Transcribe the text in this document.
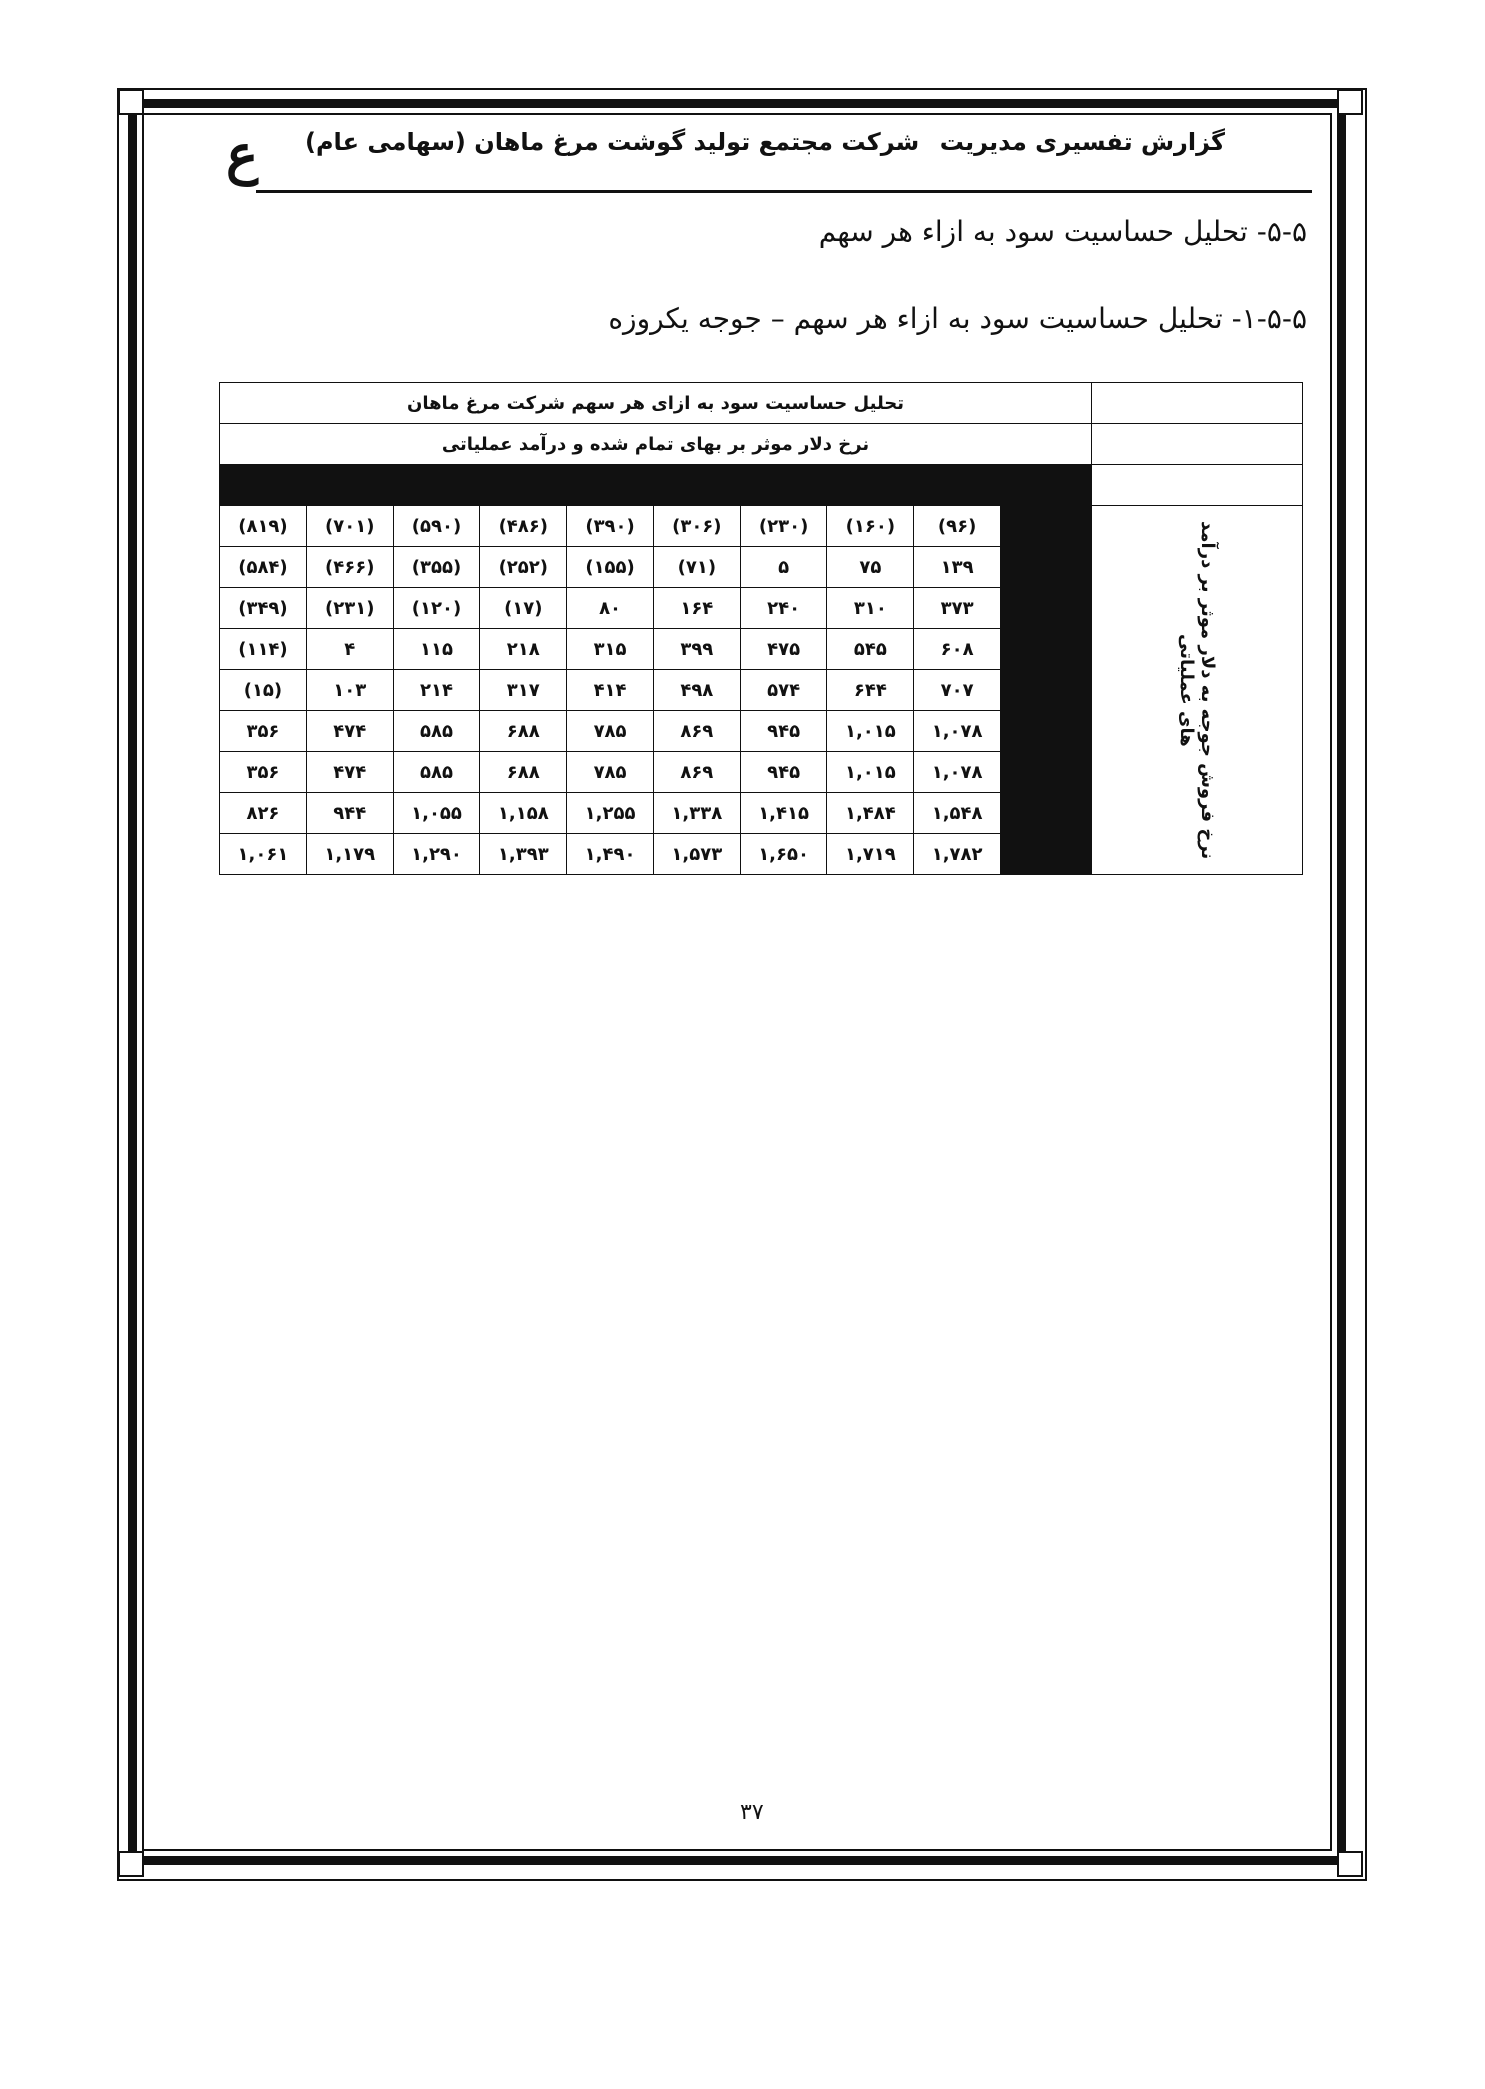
گزارش تفسیری مدیریت
شرکت مجتمع تولید گوشت مرغ ماهان (سهامی عام)
ع
۵-۵- تحلیل حساسیت سود به ازاء هر سهم
۱-۵-۵- تحلیل حساسیت سود به ازاء هر سهم – جوجه یکروزه
	تحلیل حساسیت سود به ازای هر سهم شرکت مرغ ماهان									
	نرخ دلار موثر بر بهای تمام شده و درآمد عملیاتی									

نرخ فروش جوجه به دلار موثر بر درآمد های عملیاتی		(۹۶)	(۱۶۰)	(۲۳۰)	(۳۰۶)	(۳۹۰)	(۴۸۶)	(۵۹۰)	(۷۰۱)	(۸۱۹)
		۱۳۹	۷۵	۵	(۷۱)	(۱۵۵)	(۲۵۲)	(۳۵۵)	(۴۶۶)	(۵۸۴)
		۳۷۳	۳۱۰	۲۴۰	۱۶۴	۸۰	(۱۷)	(۱۲۰)	(۲۳۱)	(۳۴۹)
		۶۰۸	۵۴۵	۴۷۵	۳۹۹	۳۱۵	۲۱۸	۱۱۵	۴	(۱۱۴)
		۷۰۷	۶۴۴	۵۷۴	۴۹۸	۴۱۴	۳۱۷	۲۱۴	۱۰۳	(۱۵)
		۱,۰۷۸	۱,۰۱۵	۹۴۵	۸۶۹	۷۸۵	۶۸۸	۵۸۵	۴۷۴	۳۵۶
		۱,۰۷۸	۱,۰۱۵	۹۴۵	۸۶۹	۷۸۵	۶۸۸	۵۸۵	۴۷۴	۳۵۶
		۱,۵۴۸	۱,۴۸۴	۱,۴۱۵	۱,۳۳۸	۱,۲۵۵	۱,۱۵۸	۱,۰۵۵	۹۴۴	۸۲۶
		۱,۷۸۲	۱,۷۱۹	۱,۶۵۰	۱,۵۷۳	۱,۴۹۰	۱,۳۹۳	۱,۲۹۰	۱,۱۷۹	۱,۰۶۱
۳۷
